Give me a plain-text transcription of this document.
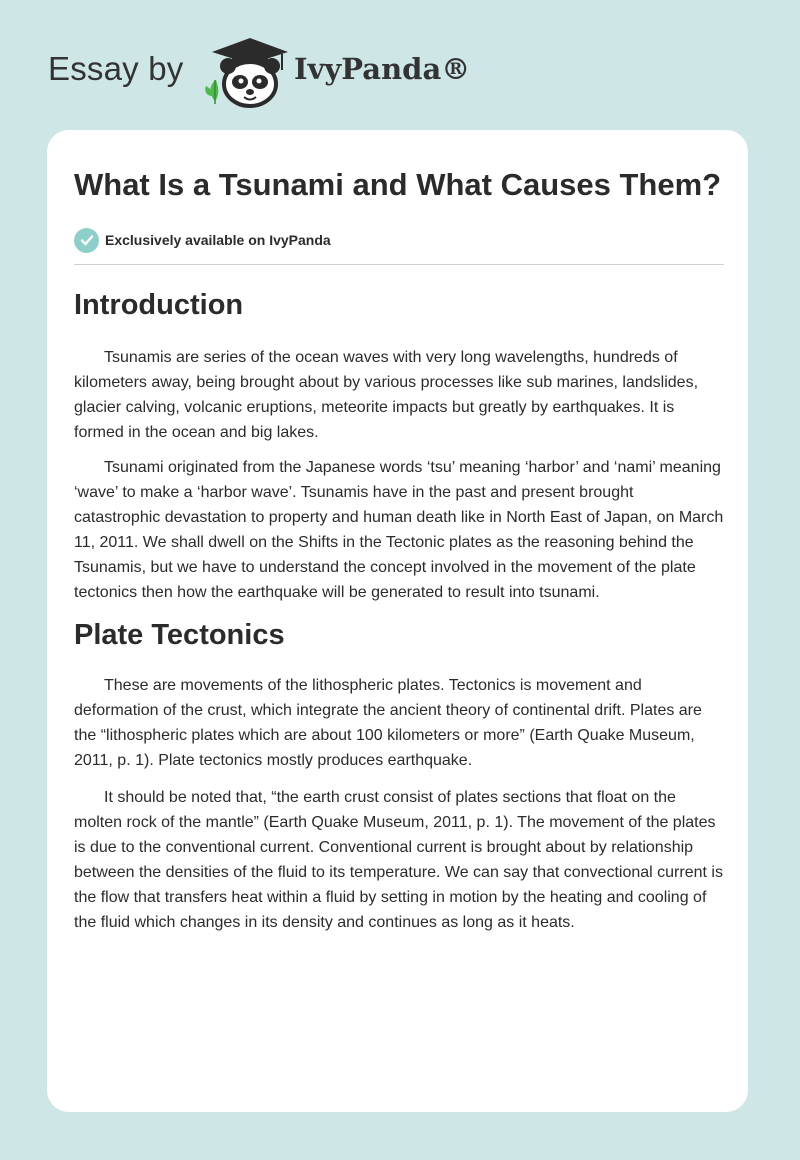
Essay by	IvyPanda®
What Is a Tsunami and What Causes Them?
Exclusively available on IvyPanda
Introduction

Tsunamis are series of the ocean waves with very long wavelengths, hundreds of kilometers away, being brought about by various processes like sub marines, landslides, glacier calving, volcanic eruptions, meteorite impacts but greatly by earthquakes. It is formed in the ocean and big lakes.

Tsunami originated from the Japanese words ‘tsu’ meaning ‘harbor’ and ‘nami’ meaning ‘wave’ to make a ‘harbor wave’. Tsunamis have in the past and present brought catastrophic devastation to property and human death like in North East of Japan, on March 11, 2011. We shall dwell on the Shifts in the Tectonic plates as the reasoning behind the Tsunamis, but we have to understand the concept involved in the movement of the plate tectonics then how the earthquake will be generated to result into tsunami.

Plate Tectonics

These are movements of the lithospheric plates. Tectonics is movement and deformation of the crust, which integrate the ancient theory of continental drift. Plates are the “lithospheric plates which are about 100 kilometers or more” (Earth Quake Museum, 2011, p. 1). Plate tectonics mostly produces earthquake.

It should be noted that, “the earth crust consist of plates sections that float on the molten rock of the mantle” (Earth Quake Museum, 2011, p. 1). The movement of the plates is due to the conventional current. Conventional current is brought about by relationship between the densities of the fluid to its temperature. We can say that convectional current is the flow that transfers heat within a fluid by setting in motion by the heating and cooling of the fluid which changes in its density and continues as long as it heats.
